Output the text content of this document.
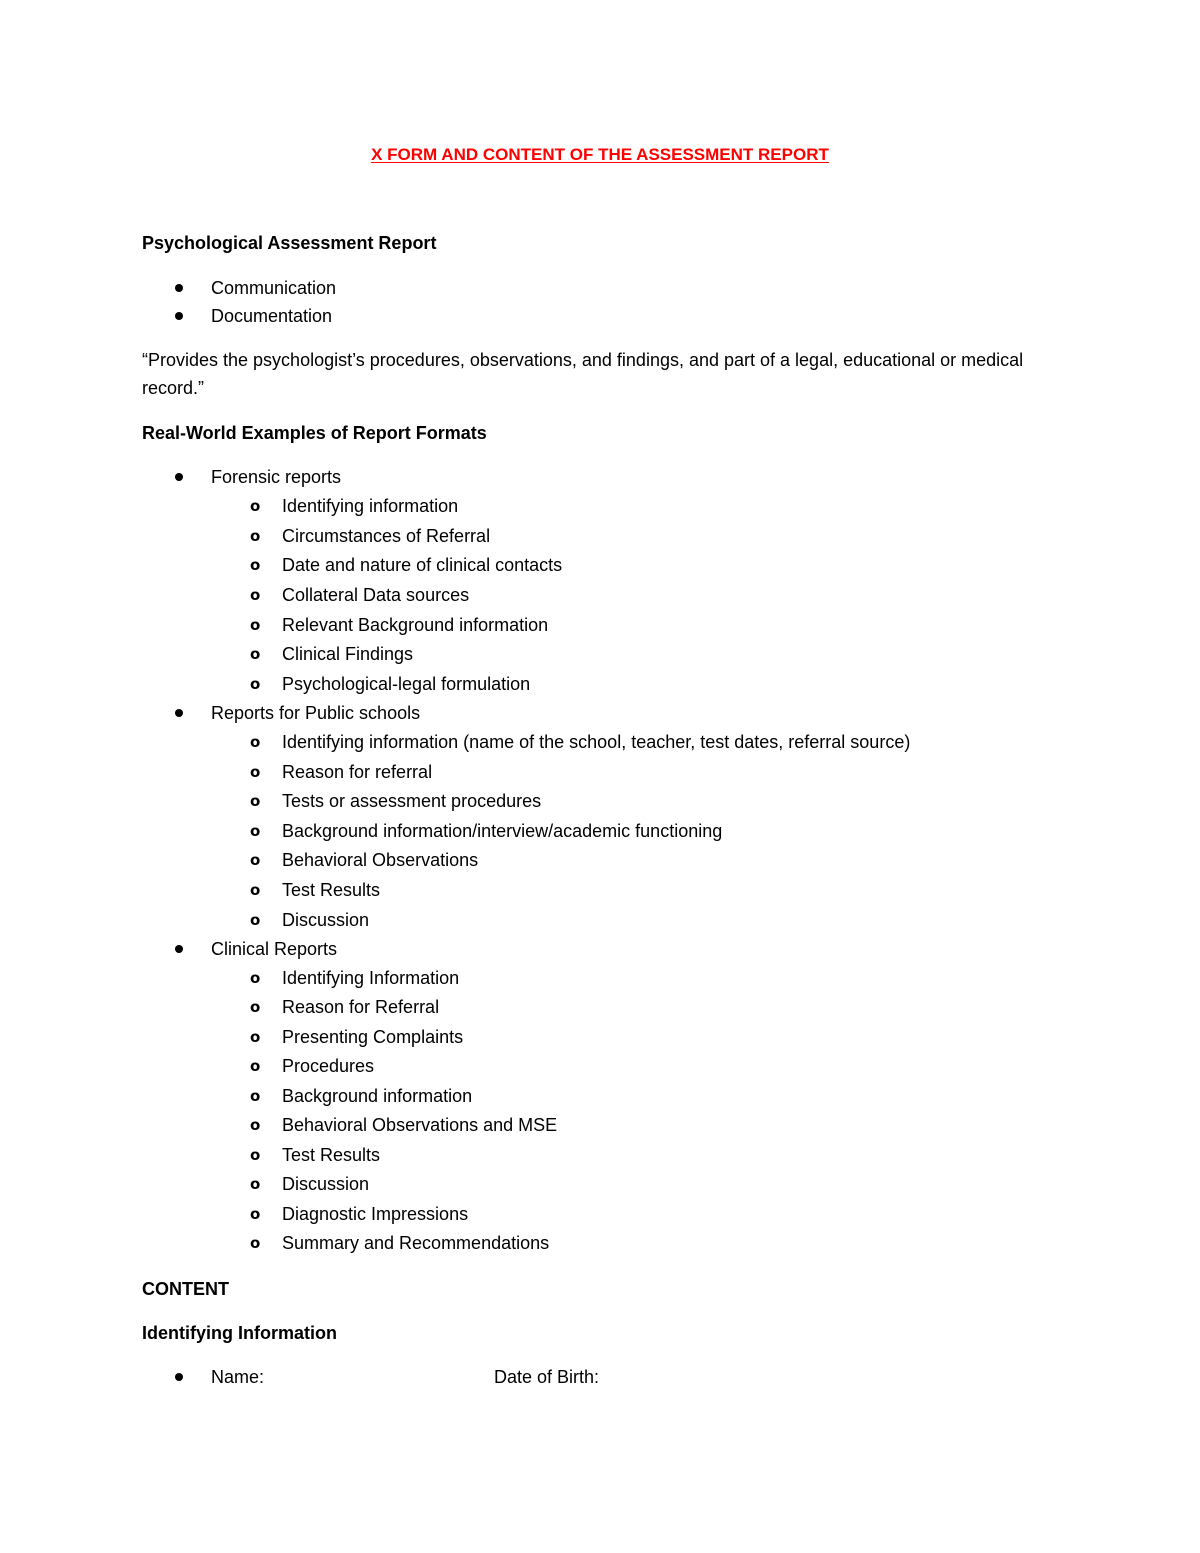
X FORM AND CONTENT OF THE ASSESSMENT REPORT
Psychological Assessment Report
Communication
Documentation
“Provides the psychologist’s procedures, observations, and findings, and part of a legal, educational or medical record.”
Real-World Examples of Report Formats
Forensic reports
o Identifying information
o Circumstances of Referral
o Date and nature of clinical contacts
o Collateral Data sources
o Relevant Background information
o Clinical Findings
o Psychological-legal formulation
Reports for Public schools
o Identifying information (name of the school, teacher, test dates, referral source)
o Reason for referral
o Tests or assessment procedures
o Background information/interview/academic functioning
o Behavioral Observations
o Test Results
o Discussion
Clinical Reports
o Identifying Information
o Reason for Referral
o Presenting Complaints
o Procedures
o Background information
o Behavioral Observations and MSE
o Test Results
o Discussion
o Diagnostic Impressions
o Summary and Recommendations
CONTENT
Identifying Information
Name:	Date of Birth:
